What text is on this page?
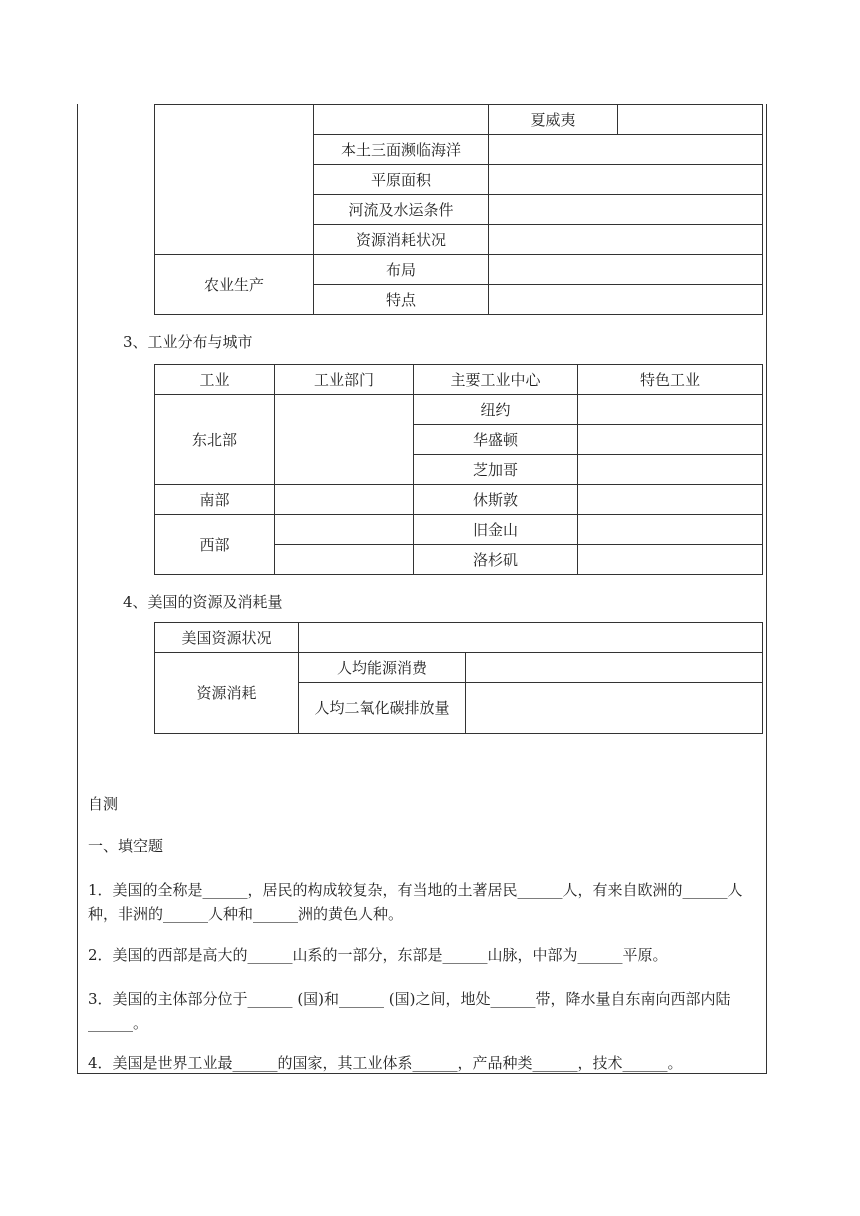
		夏威夷	
	本土三面濒临海洋		
	平原面积		
	河流及水运条件		
	资源消耗状况		
农业生产	布局		
	特点		
3、工业分布与城市
工业	工业部门	主要工业中心	特色工业
东北部		纽约	
		华盛顿	
		芝加哥	
南部		休斯敦	
西部		旧金山	
		洛杉矶	
4、美国的资源及消耗量
美国资源状况		
资源消耗	人均能源消费	
	人均二氧化碳排放量	
自测
一、填空题
1．美国的全称是______，居民的构成较复杂，有当地的土著居民______人，有来自欧洲的______人种，非洲的______人种和______洲的黄色人种。
2．美国的西部是高大的______山系的一部分，东部是______山脉，中部为______平原。
3．美国的主体部分位于______ (国)和______ (国)之间，地处______带，降水量自东南向西部内陆______。
4．美国是世界工业最______的国家，其工业体系______，产品种类______，技术______。
